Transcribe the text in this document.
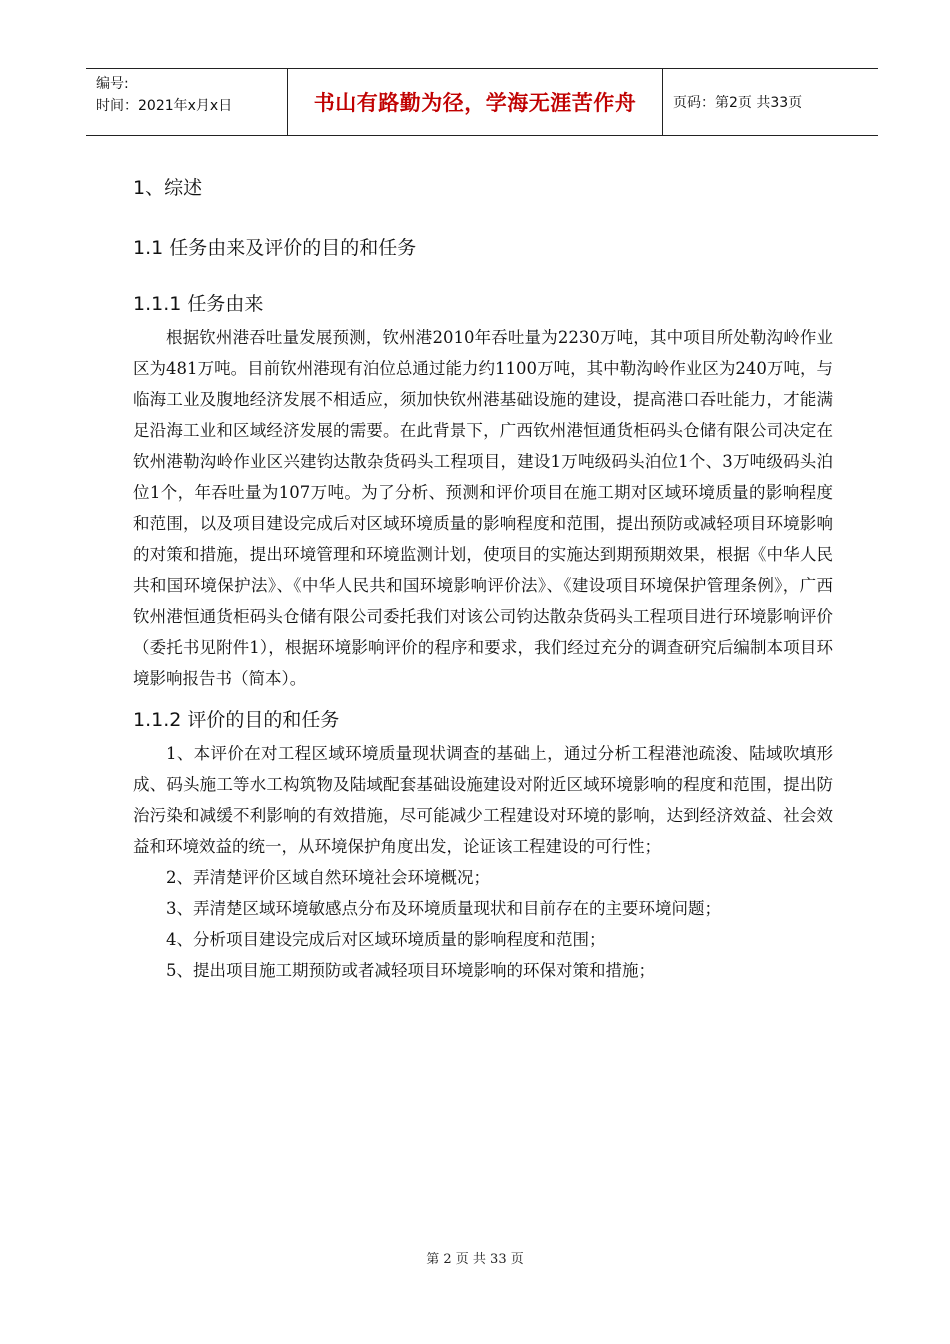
编号:
时间：2021年x月x日	书山有路勤为径，学海无涯苦作舟	页码：第2页 共33页
1、综述
1.1 任务由来及评价的目的和任务
1.1.1 任务由来

根据钦州港吞吐量发展预测，钦州港2010年吞吐量为2230万吨，其中项目所处勒沟岭作业区为481万吨。目前钦州港现有泊位总通过能力约1100万吨，其中勒沟岭作业区为240万吨，与临海工业及腹地经济发展不相适应，须加快钦州港基础设施的建设，提高港口吞吐能力，才能满足沿海工业和区域经济发展的需要。在此背景下，广西钦州港恒通货柜码头仓储有限公司决定在钦州港勒沟岭作业区兴建钧达散杂货码头工程项目，建设1万吨级码头泊位1个、3万吨级码头泊位1个，年吞吐量为107万吨。为了分析、预测和评价项目在施工期对区域环境质量的影响程度和范围，以及项目建设完成后对区域环境质量的影响程度和范围，提出预防或减轻项目环境影响的对策和措施，提出环境管理和环境监测计划，使项目的实施达到期预期效果，根据《中华人民共和国环境保护法》、《中华人民共和国环境影响评价法》、《建设项目环境保护管理条例》，广西钦州港恒通货柜码头仓储有限公司委托我们对该公司钧达散杂货码头工程项目进行环境影响评价（委托书见附件1），根据环境影响评价的程序和要求，我们经过充分的调查研究后编制本项目环境影响报告书（简本）。

1.1.2 评价的目的和任务

1、本评价在对工程区域环境质量现状调查的基础上，通过分析工程港池疏浚、陆域吹填形成、码头施工等水工构筑物及陆域配套基础设施建设对附近区域环境影响的程度和范围，提出防治污染和减缓不利影响的有效措施，尽可能减少工程建设对环境的影响，达到经济效益、社会效益和环境效益的统一，从环境保护角度出发，论证该工程建设的可行性；

2、弄清楚评价区域自然环境社会环境概况；

3、弄清楚区域环境敏感点分布及环境质量现状和目前存在的主要环境问题；

4、分析项目建设完成后对区域环境质量的影响程度和范围；

5、提出项目施工期预防或者减轻项目环境影响的环保对策和措施；

第 2 页 共 33 页
